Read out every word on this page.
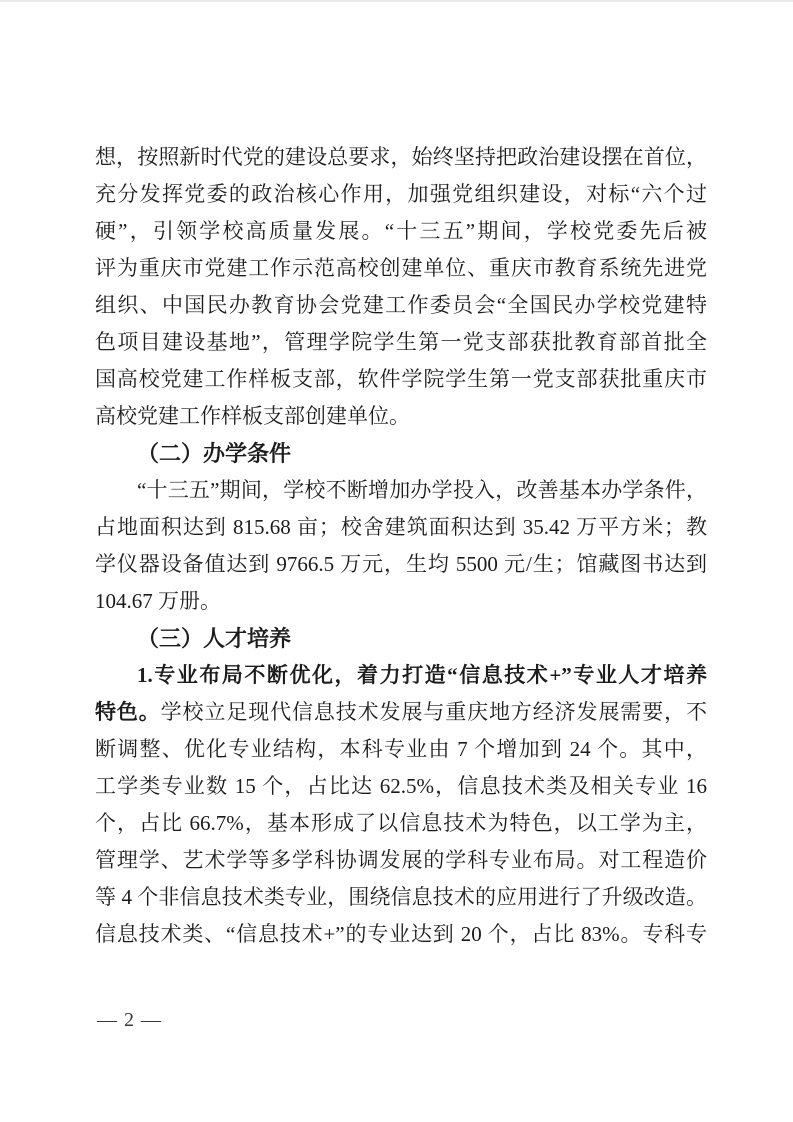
想，按照新时代党的建设总要求，始终坚持把政治建设摆在首位，
充分发挥党委的政治核心作用，加强党组织建设，对标“六个过
硬”，引领学校高质量发展。“十三五”期间，学校党委先后被
评为重庆市党建工作示范高校创建单位、重庆市教育系统先进党
组织、中国民办教育协会党建工作委员会“全国民办学校党建特
色项目建设基地”，管理学院学生第一党支部获批教育部首批全
国高校党建工作样板支部，软件学院学生第一党支部获批重庆市
高校党建工作样板支部创建单位。
（二）办学条件
“十三五”期间，学校不断增加办学投入，改善基本办学条件，
占地面积达到 815.68 亩；校舍建筑面积达到 35.42 万平方米；教
学仪器设备值达到 9766.5 万元，生均 5500 元/生；馆藏图书达到
104.67 万册。
（三）人才培养
1.专业布局不断优化，着力打造“信息技术+”专业人才培养
特色。学校立足现代信息技术发展与重庆地方经济发展需要，不
断调整、优化专业结构，本科专业由 7 个增加到 24 个。其中，
工学类专业数 15 个，占比达 62.5%，信息技术类及相关专业 16
个，占比 66.7%，基本形成了以信息技术为特色，以工学为主，
管理学、艺术学等多学科协调发展的学科专业布局。对工程造价
等 4 个非信息技术类专业，围绕信息技术的应用进行了升级改造。
信息技术类、“信息技术+”的专业达到 20 个，占比 83%。专科专
— 2 —
